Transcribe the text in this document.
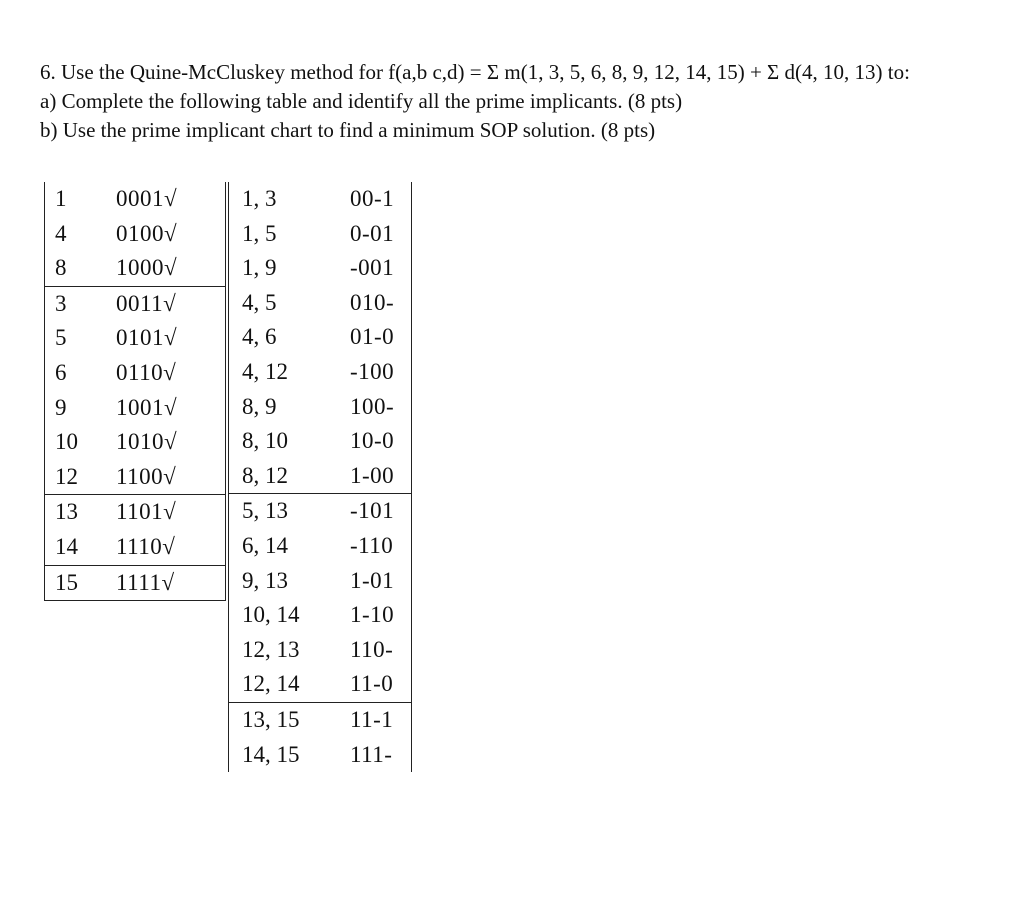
6. Use the Quine-McCluskey method for f(a,b c,d) = Σ m(1, 3, 5, 6, 8, 9, 12, 14, 15) + Σ d(4, 10, 13) to:
a) Complete the following table and identify all the prime implicants. (8 pts)
b) Use the prime implicant chart to find a minimum SOP solution. (8 pts)
1 0001√
4 0100√
8 1000√
3 0011√
5 0101√
6 0110√
9 1001√
10 1010√
12 1100√
13 1101√
14 1110√
15 1111√
1, 3	00-1
1, 5	0-01
1, 9	-001
4, 5	010-
4, 6	01-0
4, 12	-100
8, 9	100-
8, 10	10-0
8, 12	1-00
5, 13	-101
6, 14	-110
9, 13	1-01
10, 14 1-10
12, 13 110-
12, 14 11-0
13, 15 11-1
14, 15 111-
